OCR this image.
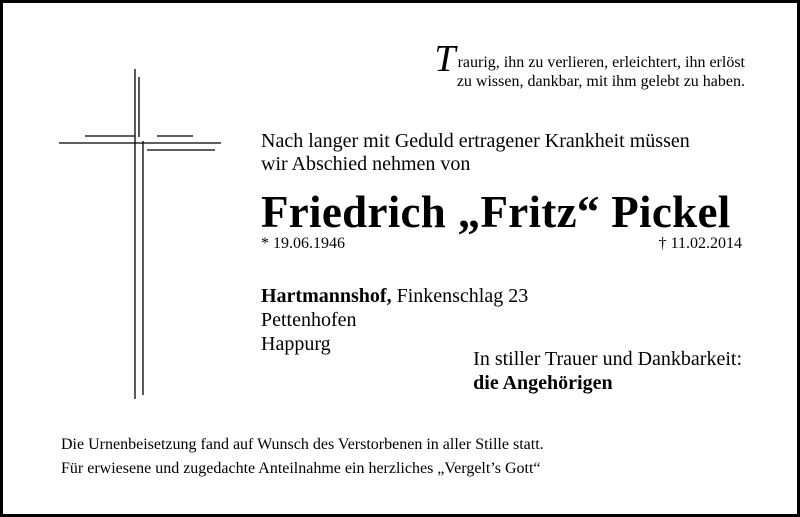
Traurig, ihn zu verlieren, erleichtert, ihn erlöst
zu wissen, dankbar, mit ihm gelebt zu haben.
Nach langer mit Geduld ertragener Krankheit müssen
wir Abschied nehmen von
Friedrich „Fritz“ Pickel
* 19.06.1946	† 11.02.2014
Hartmannshof, Finkenschlag 23
Pettenhofen
Happurg
In stiller Trauer und Dankbarkeit:
die Angehörigen
Die Urnenbeisetzung fand auf Wunsch des Verstorbenen in aller Stille statt.
Für erwiesene und zugedachte Anteilnahme ein herzliches „Vergelt’s Gott“
